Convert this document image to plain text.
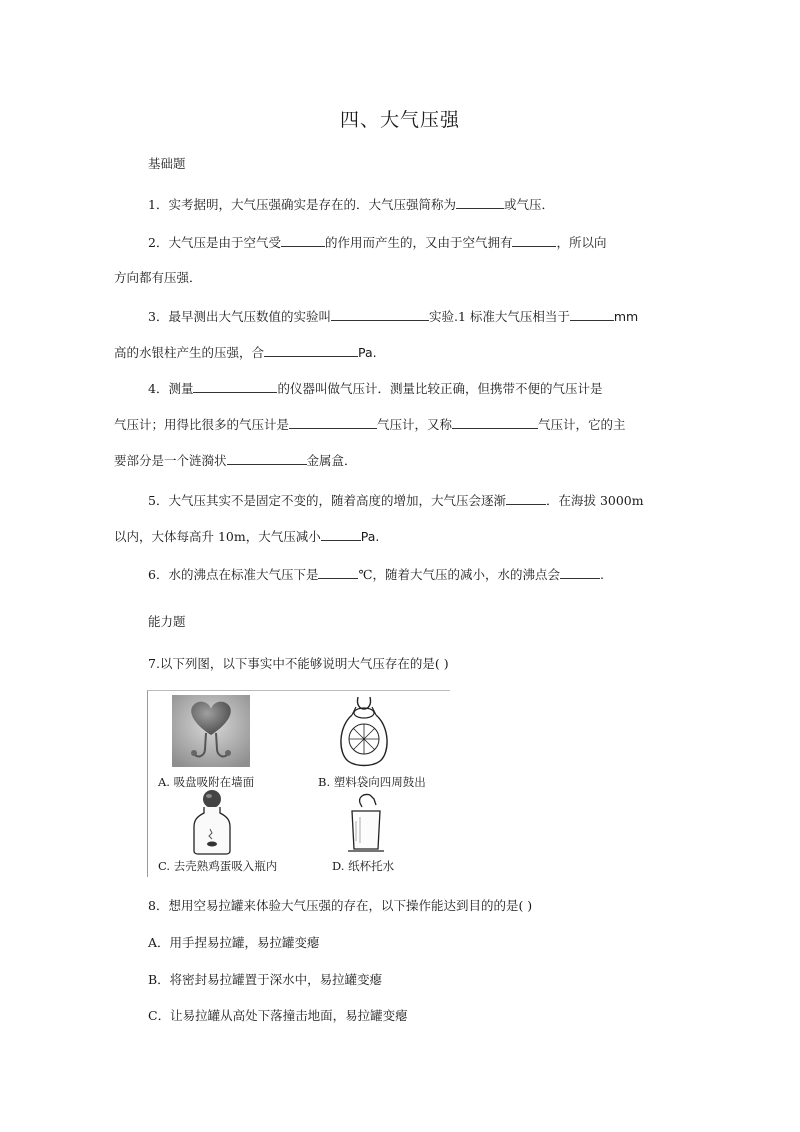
四、大气压强
基础题
1．实考据明，大气压强确实是存在的．大气压强简称为	或气压．
2．大气压是由于空气受	的作用而产生的，又由于空气拥有	，所以向
方向都有压强．
3．最早测出大气压数值的实验叫	实验.1 标准大气压相当于	mm
高的水银柱产生的压强，合	Pa.
4．测量	的仪器叫做气压计．测量比较正确，但携带不便的气压计是
气压计；用得比很多的气压计是	气压计，又称	气压计，它的主
要部分是一个涟漪状	金属盒．
5．大气压其实不是固定不变的，随着高度的增加，大气压会逐渐	．在海拔 3000m
以内，大体每高升 10m，大气压减小	Pa.
6．水的沸点在标准大气压下是	℃，随着大气压的减小，水的沸点会	.
能力题
7.以下列图，以下事实中不能够说明大气压存在的是( )
A. 吸盘吸附在墙面	B. 塑料袋向四周鼓出
C. 去壳熟鸡蛋吸入瓶内	D. 纸杯托水
8．想用空易拉罐来体验大气压强的存在，以下操作能达到目的的是( )
A．用手捏易拉罐，易拉罐变瘪
B．将密封易拉罐置于深水中，易拉罐变瘪
C．让易拉罐从高处下落撞击地面，易拉罐变瘪
